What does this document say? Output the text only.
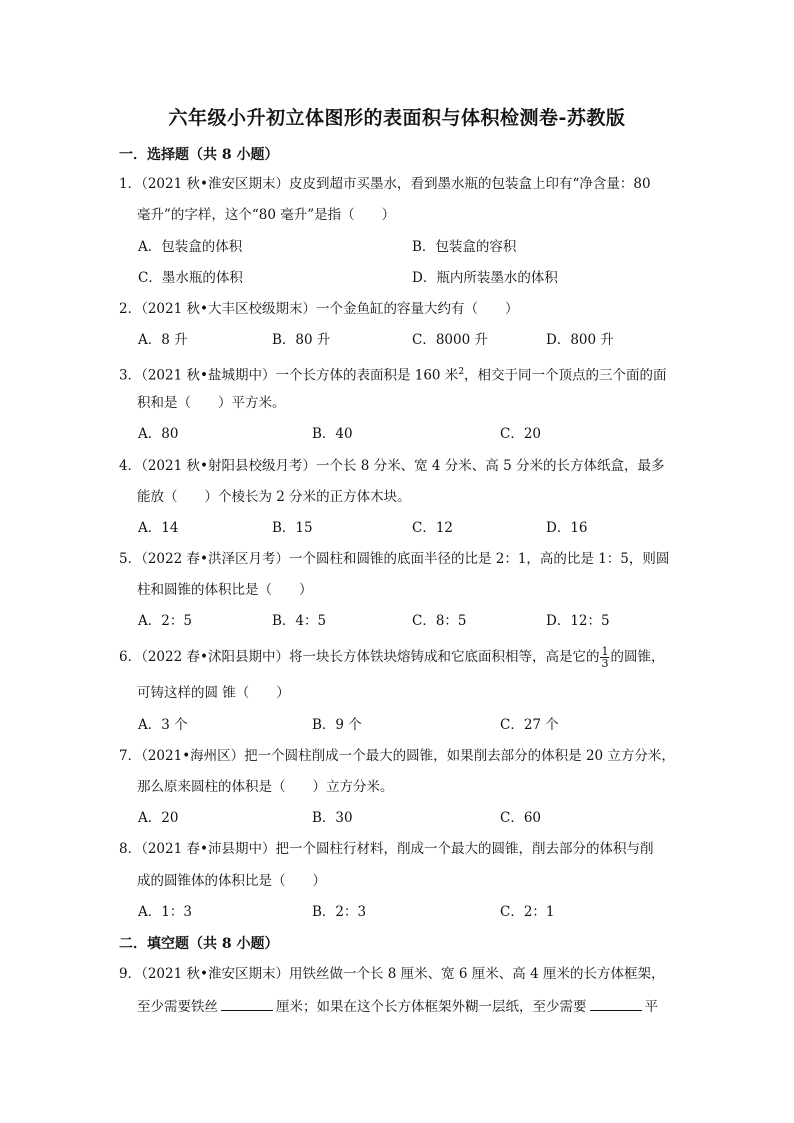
六年级小升初立体图形的表面积与体积检测卷-苏教版
一．选择题（共 8 小题）
1．（2021 秋•淮安区期末）皮皮到超市买墨水，看到墨水瓶的包装盒上印有“净含量：80
毫升”的字样，这个“80 毫升”是指（　　）
A．包装盒的体积	B．包装盒的容积
C．墨水瓶的体积	D．瓶内所装墨水的体积
2．（2021 秋•大丰区校级期末）一个金鱼缸的容量大约有（　　）
A．8 升	B．80 升	C．8000 升	D．800 升
3．（2021 秋•盐城期中）一个长方体的表面积是 160 米$^2$，相交于同一个顶点的三个面的面
积和是（　　）平方米。
A．80	B．40	C．20
4．（2021 秋•射阳县校级月考）一个长 8 分米、宽 4 分米、高 5 分米的长方体纸盒，最多
能放（　　）个棱长为 2 分米的正方体木块。
A．14	B．15	C．12	D．16
5．（2022 春•洪泽区月考）一个圆柱和圆锥的底面半径的比是 2：1，高的比是 1：5，则圆
柱和圆锥的体积比是（　　）
A．2：5	B．4：5	C．8：5	D．12：5
6．（2022 春•沭阳县期中）将一块长方体铁块熔铸成和它底面积相等，高是它的 $\frac{1}{3}$ 的圆锥，
可铸这样的圆 锥（　　）
A．3 个	B．9 个	C．27 个
7．（2021•海州区）把一个圆柱削成一个最大的圆锥，如果削去部分的体积是 20 立方分米，
那么原来圆柱的体积是（　　）立方分米。
A．20	B．30	C．60
8．（2021 春•沛县期中）把一个圆柱行材料，削成一个最大的圆锥，削去部分的体积与削
成的圆锥体的体积比是（　　）
A．1：3	B．2：3	C．2：1
二．填空题（共 8 小题）
9．（2021 秋•淮安区期末）用铁丝做一个长 8 厘米、宽 6 厘米、高 4 厘米的长方体框架，
至少需要铁丝	厘米；如果在这个长方体框架外糊一层纸，至少需要	平
